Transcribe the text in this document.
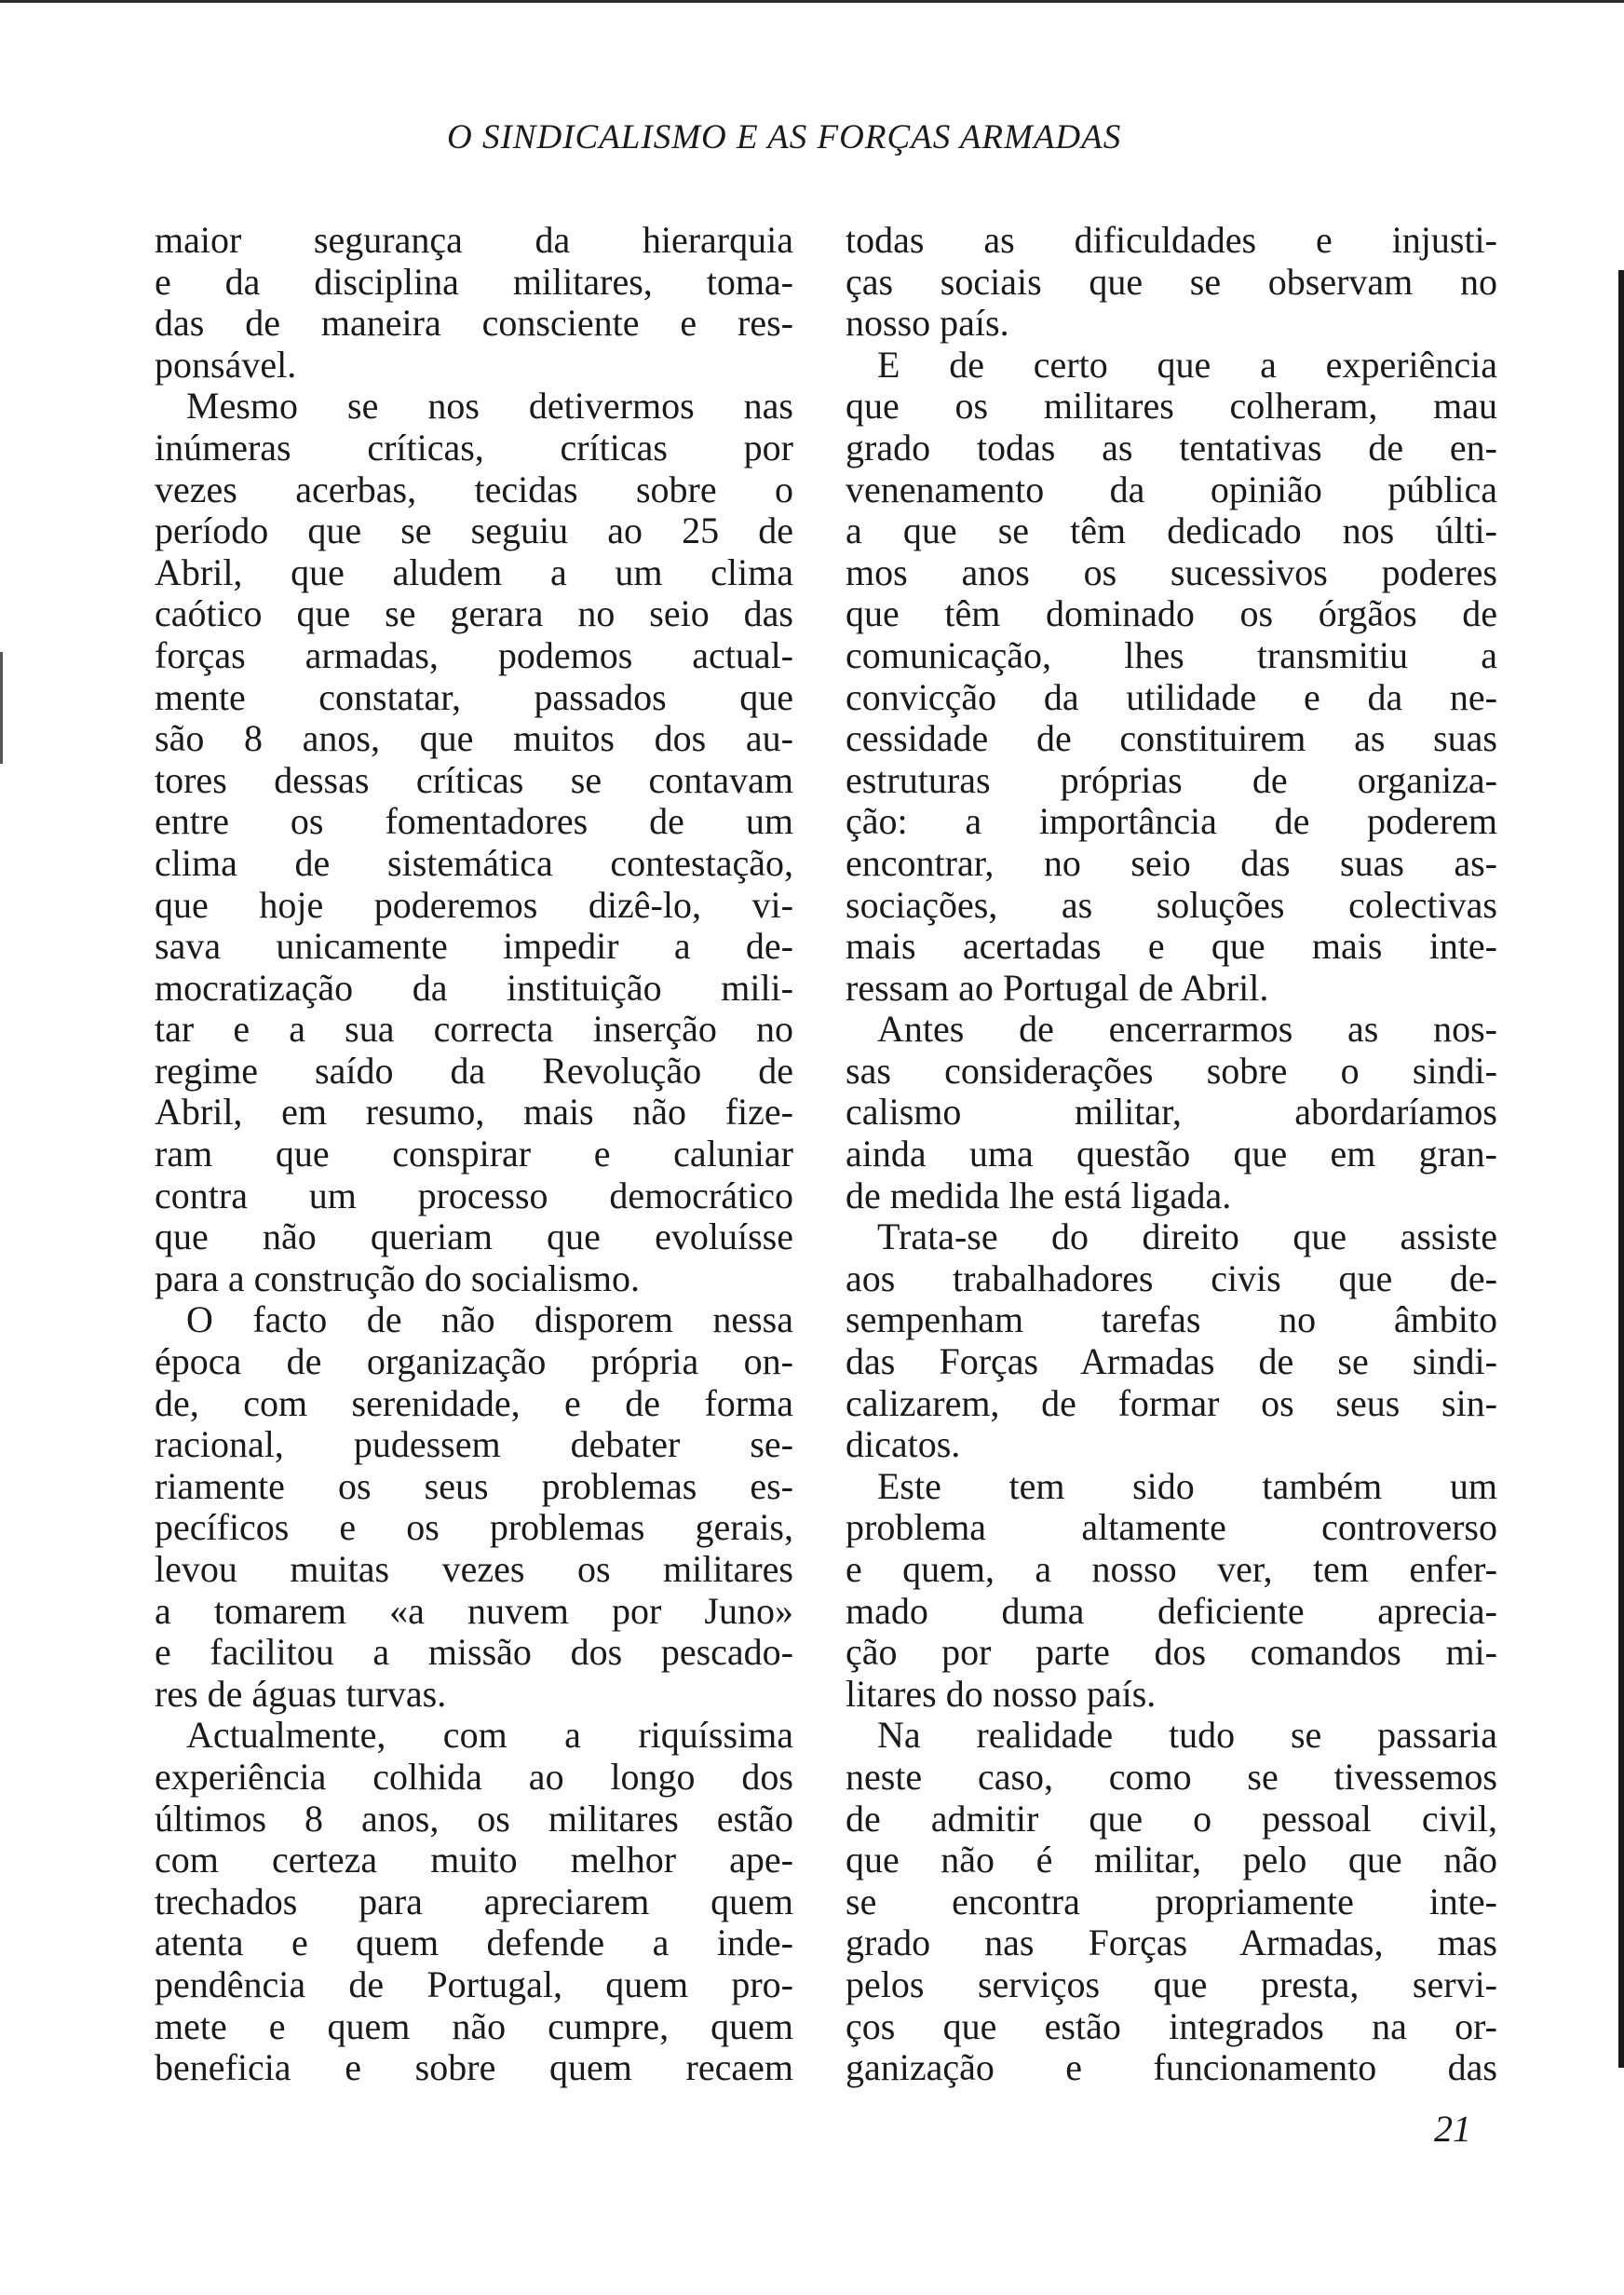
O SINDICALISMO E AS FORÇAS ARMADAS
maior segurança da hierarquia
e da disciplina militares, toma-
das de maneira consciente e res-
ponsável.
Mesmo se nos detivermos nas
inúmeras críticas, críticas por
vezes acerbas, tecidas sobre o
período que se seguiu ao 25 de
Abril, que aludem a um clima
caótico que se gerara no seio das
forças armadas, podemos actual-
mente constatar, passados que
são 8 anos, que muitos dos au-
tores dessas críticas se contavam
entre os fomentadores de um
clima de sistemática contestação,
que hoje poderemos dizê-lo, vi-
sava unicamente impedir a de-
mocratização da instituição mili-
tar e a sua correcta inserção no
regime saído da Revolução de
Abril, em resumo, mais não fize-
ram que conspirar e caluniar
contra um processo democrático
que não queriam que evoluísse
para a construção do socialismo.
O facto de não disporem nessa
época de organização própria on-
de, com serenidade, e de forma
racional, pudessem debater se-
riamente os seus problemas es-
pecíficos e os problemas gerais,
levou muitas vezes os militares
a tomarem «a nuvem por Juno»
e facilitou a missão dos pescado-
res de águas turvas.
Actualmente, com a riquíssima
experiência colhida ao longo dos
últimos 8 anos, os militares estão
com certeza muito melhor ape-
trechados para apreciarem quem
atenta e quem defende a inde-
pendência de Portugal, quem pro-
mete e quem não cumpre, quem
beneficia e sobre quem recaem
todas as dificuldades e injusti-
ças sociais que se observam no
nosso país.
E de certo que a experiência
que os militares colheram, mau
grado todas as tentativas de en-
venenamento da opinião pública
a que se têm dedicado nos últi-
mos anos os sucessivos poderes
que têm dominado os órgãos de
comunicação, lhes transmitiu a
convicção da utilidade e da ne-
cessidade de constituirem as suas
estruturas próprias de organiza-
ção: a importância de poderem
encontrar, no seio das suas as-
sociações, as soluções colectivas
mais acertadas e que mais inte-
ressam ao Portugal de Abril.
Antes de encerrarmos as nos-
sas considerações sobre o sindi-
calismo militar, abordaríamos
ainda uma questão que em gran-
de medida lhe está ligada.
Trata-se do direito que assiste
aos trabalhadores civis que de-
sempenham tarefas no âmbito
das Forças Armadas de se sindi-
calizarem, de formar os seus sin-
dicatos.
Este tem sido também um
problema altamente controverso
e quem, a nosso ver, tem enfer-
mado duma deficiente aprecia-
ção por parte dos comandos mi-
litares do nosso país.
Na realidade tudo se passaria
neste caso, como se tivessemos
de admitir que o pessoal civil,
que não é militar, pelo que não
se encontra propriamente inte-
grado nas Forças Armadas, mas
pelos serviços que presta, servi-
ços que estão integrados na or-
ganização e funcionamento das
21
